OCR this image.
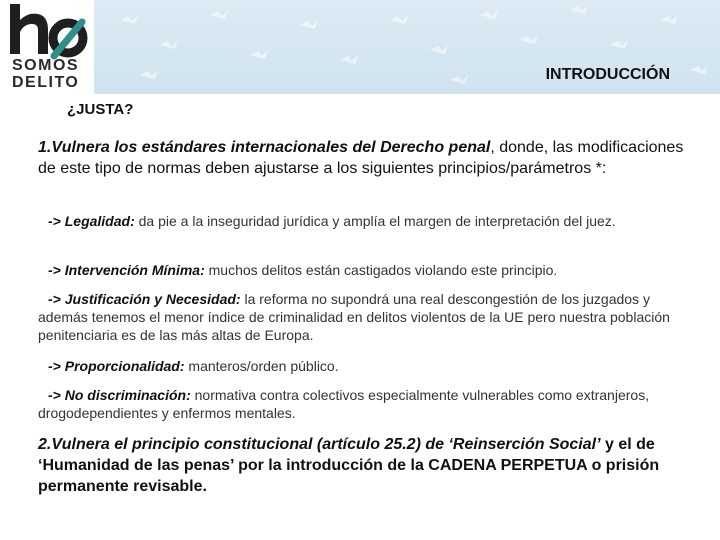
SOMOS
DELITO	INTRODUCCIÓN
¿JUSTA?
1.Vulnera los estándares internacionales del Derecho penal, donde, las modificaciones de este tipo de normas deben ajustarse a los siguientes principios/parámetros *:
-> Legalidad: da pie a la inseguridad jurídica y amplía el margen de interpretación del juez.
-> Intervención Mínima: muchos delitos están castigados violando este principio.
-> Justificación y Necesidad: la reforma no supondrá una real descongestión de los juzgados y además tenemos el menor índice de criminalidad en delitos violentos de la UE pero nuestra población penitenciaria es de las más altas de Europa.
-> Proporcionalidad: manteros/orden público.
-> No discriminación: normativa contra colectivos especialmente vulnerables como extranjeros, drogodependientes y enfermos mentales.
2.Vulnera el principio constitucional (artículo 25.2) de ‘Reinserción Social’ y el de ‘Humanidad de las penas’ por la introducción de la CADENA PERPETUA o prisión permanente revisable.
